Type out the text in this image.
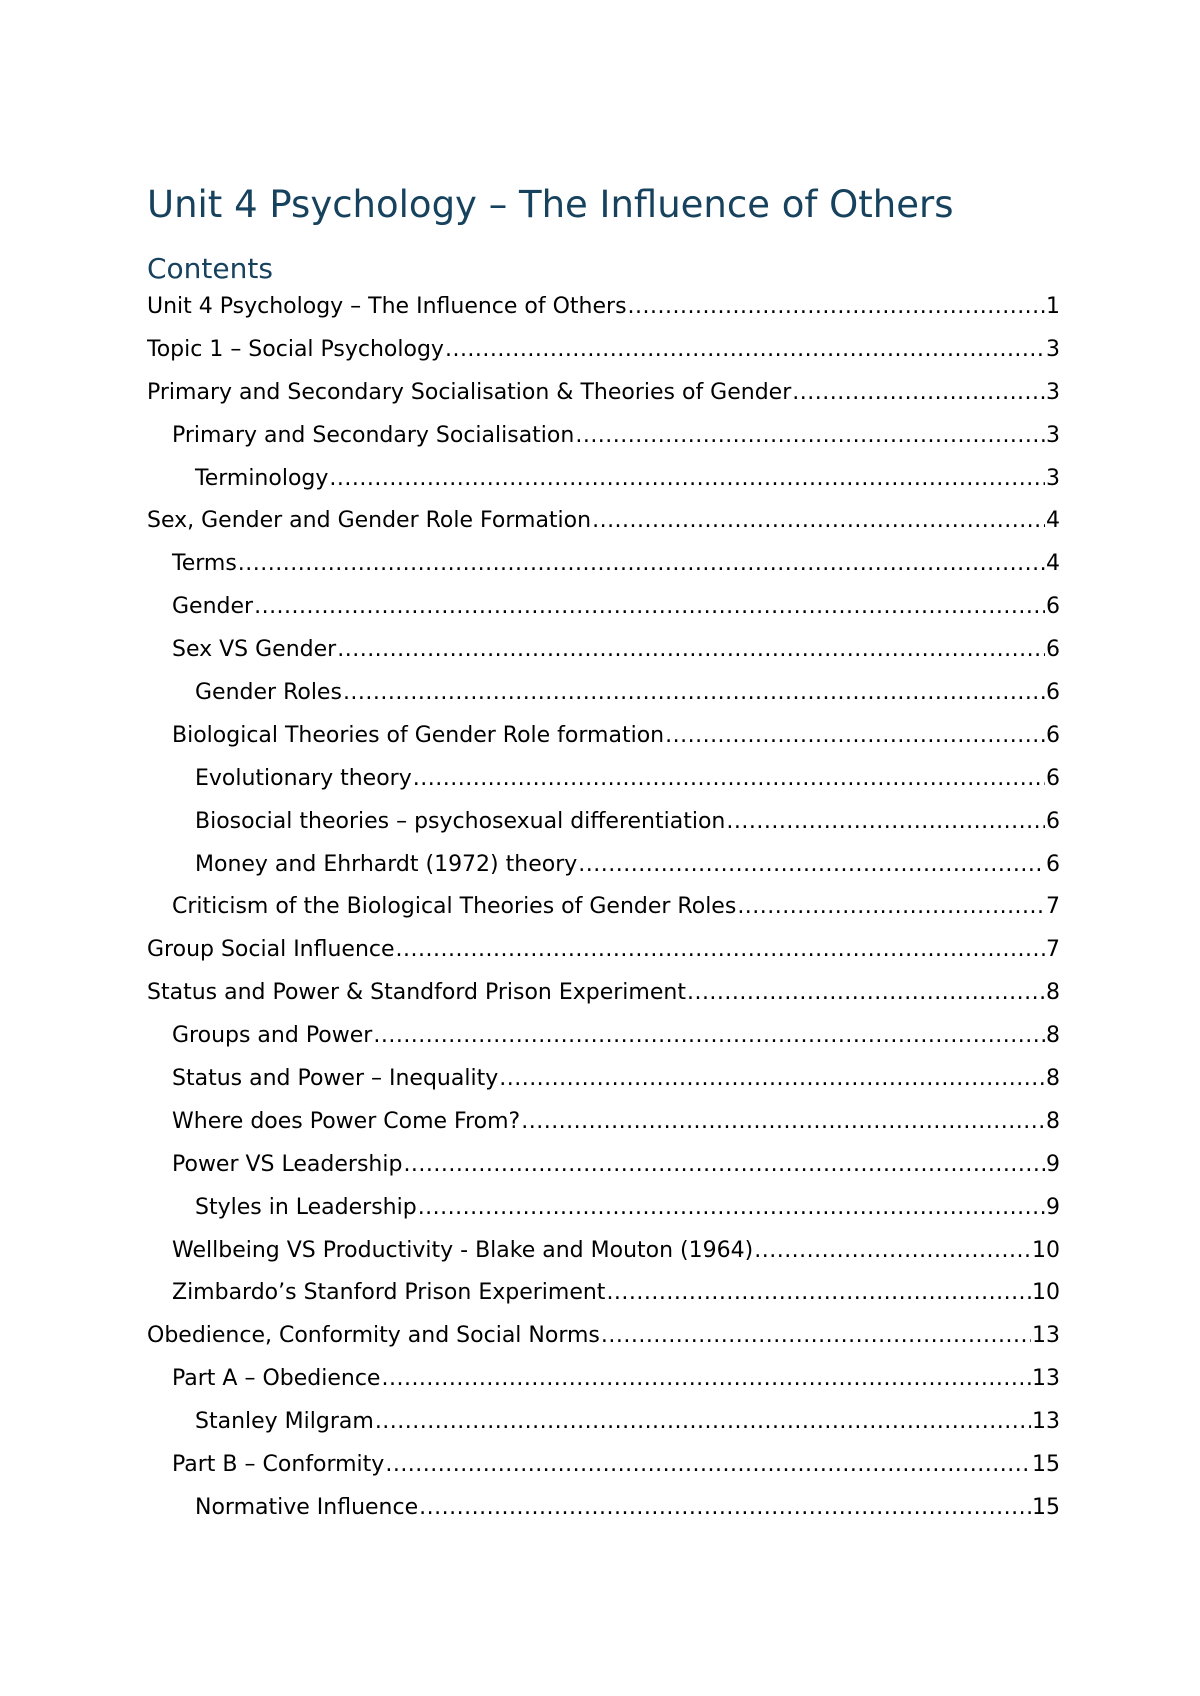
Unit 4 Psychology – The Influence of Others
Contents
Unit 4 Psychology – The Influence of Others .....	1
Topic 1 – Social Psychology .....	3
Primary and Secondary Socialisation & Theories of Gender .....	3
Primary and Secondary Socialisation .....	3
Terminology .....	3
Sex, Gender and Gender Role Formation .....	4
Terms .....	4
Gender .....	6
Sex VS Gender .....	6
Gender Roles .....	6
Biological Theories of Gender Role formation .....	6
Evolutionary theory .....	6
Biosocial theories – psychosexual differentiation .....	6
Money and Ehrhardt (1972) theory .....	6
Criticism of the Biological Theories of Gender Roles .....	7
Group Social Influence .....	7
Status and Power & Standford Prison Experiment .....	8
Groups and Power .....	8
Status and Power – Inequality .....	8
Where does Power Come From? .....	8
Power VS Leadership .....	9
Styles in Leadership .....	9
Wellbeing VS Productivity - Blake and Mouton (1964) .....	10
Zimbardo’s Stanford Prison Experiment .....	10
Obedience, Conformity and Social Norms .....	13
Part A – Obedience .....	13
Stanley Milgram .....	13
Part B – Conformity .....	15
Normative Influence .....	15
